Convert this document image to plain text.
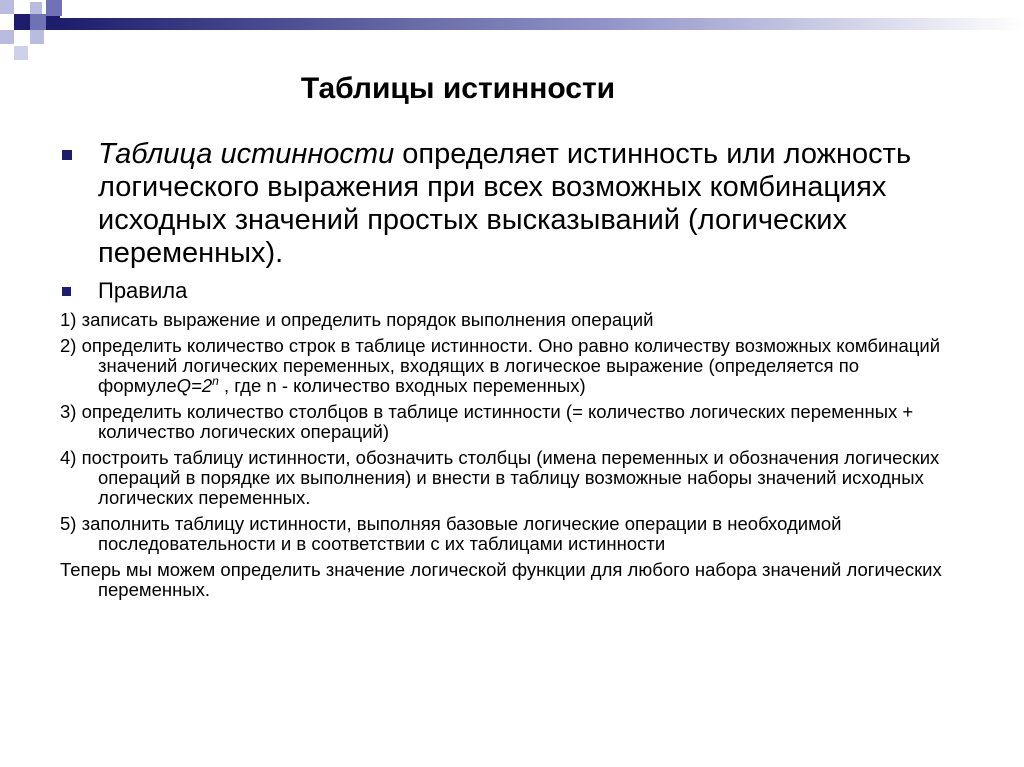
Таблицы истинности
Таблица истинности определяет истинность или ложность логического выражения при всех возможных комбинациях исходных значений простых высказываний (логических переменных).
Правила

1) записать выражение и определить порядок выполнения операций

2) определить количество строк в таблице истинности. Оно равно количеству возможных комбинаций значений логических переменных, входящих в логическое выражение (определяется по $формулеQ=2^n$ , где n - количество входных переменных)

3) определить количество столбцов в таблице истинности (= количество логических переменных + количество логических операций)

4) построить таблицу истинности, обозначить столбцы (имена переменных и обозначения логических операций в порядке их выполнения) и внести в таблицу возможные наборы значений исходных логических переменных.

5) заполнить таблицу истинности, выполняя базовые логические операции в необходимой последовательности и в соответствии с их таблицами истинности

Теперь мы можем определить значение логической функции для любого набора значений логических переменных.
